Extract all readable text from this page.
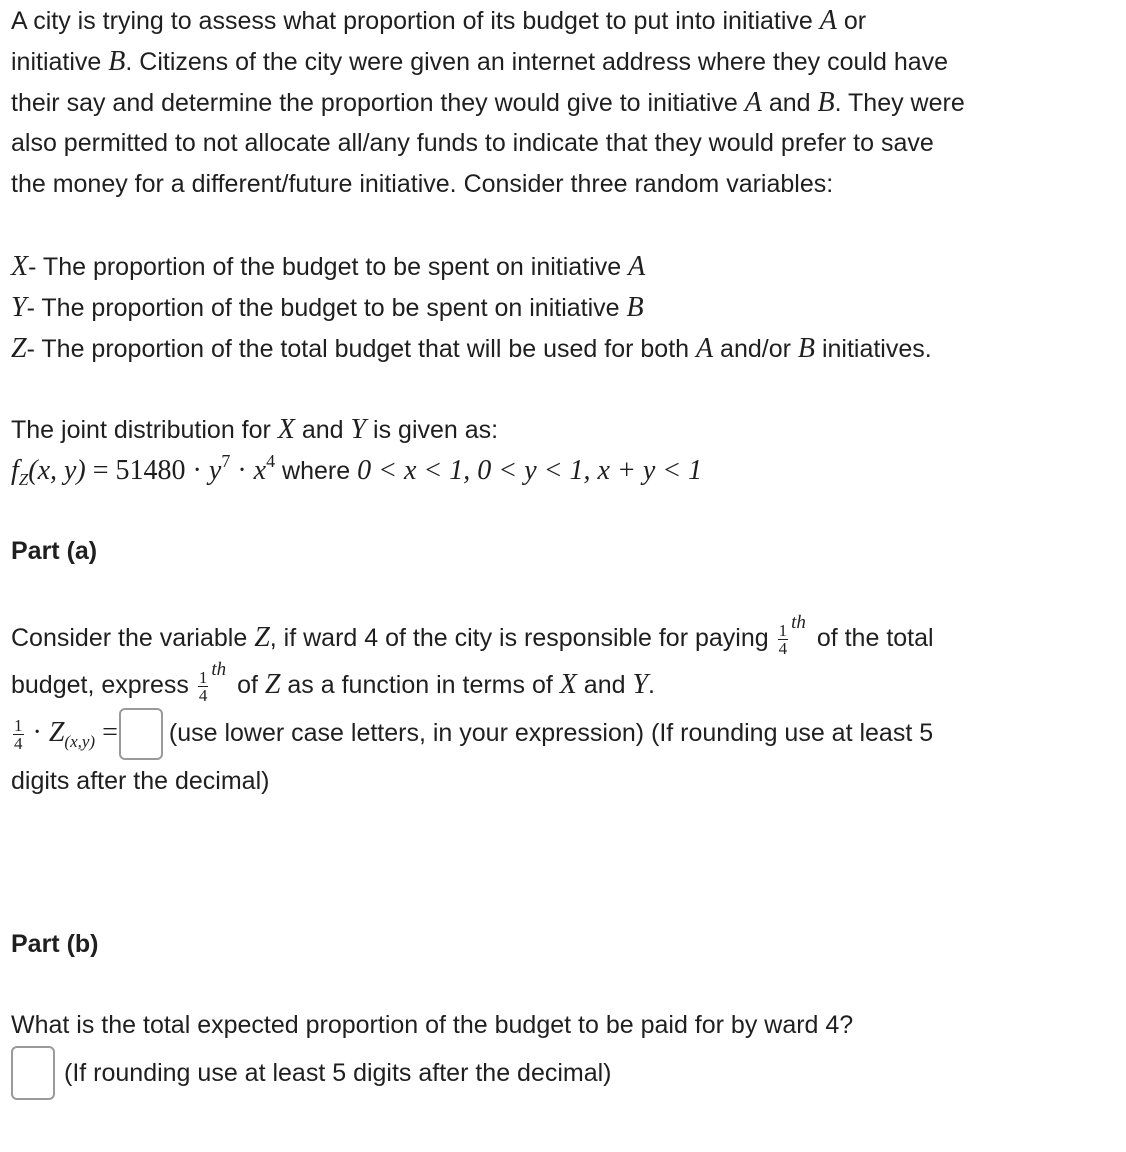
A city is trying to assess what proportion of its budget to put into initiative A or

initiative B. Citizens of the city were given an internet address where they could have

their say and determine the proportion they would give to initiative A and B. They were

also permitted to not allocate all/any funds to indicate that they would prefer to save

the money for a different/future initiative. Consider three random variables:

X- The proportion of the budget to be spent on initiative A

Y- The proportion of the budget to be spent on initiative B

Z- The proportion of the total budget that will be used for both A and/or B initiatives.

The joint distribution for X and Y is given as:

$f_Z(x$, $y) = 51480 \cdot y^7 \cdot x^4$ where 0 < x < 1, 0 < y < 1, x + y < 1

Part (a)

Consider the variable Z, if ward 4 of the city is responsible for paying $\frac{1}{4} ^{th}$ of the total

budget, express $\frac{1}{4} ^{th}$ of Z as a function in terms of X and Y.

$\frac{1}{4} \cdot Z_{(x,y)} = (use$ lower case letters, in your expression) (If rounding use at least 5

digits after the decimal)

Part (b)

What is the total expected proportion of the budget to be paid for by ward 4?

(If rounding use at least 5 digits after the decimal)
